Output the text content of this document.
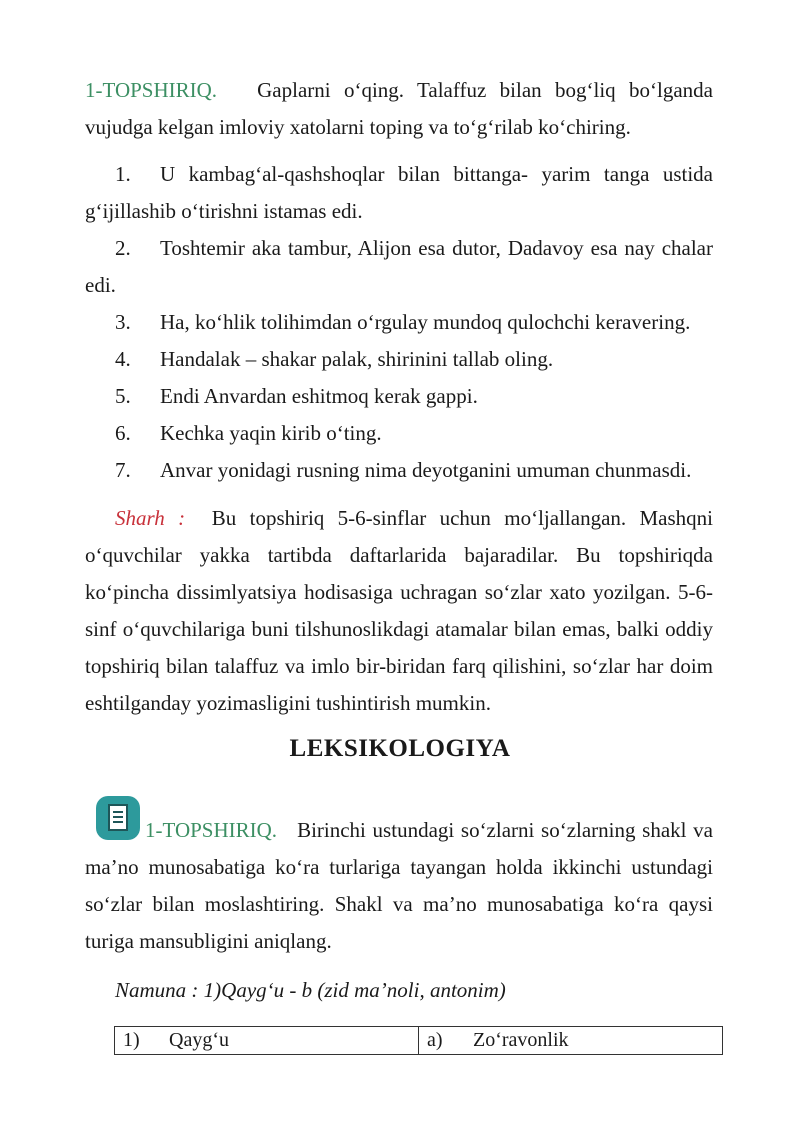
1-TOPSHIRIQ. Gaplarni o‘qing. Talaffuz bilan bog‘liq bo‘lganda vujudga kelgan imloviy xatolarni toping va to‘g‘rilab ko‘chiring.

1.	U kambag‘al-qashshoqlar bilan bittanga- yarim tanga ustida g‘ijillashib o‘tirishni istamas edi.
2.	Toshtemir aka tambur, Alijon esa dutor, Dadavoy esa nay chalar edi.
3.	Ha, ko‘hlik tolihimdan o‘rgulay mundoq qulochchi keravering.
4.	Handalak – shakar palak, shirinini tallab oling.
5.	Endi Anvardan eshitmoq kerak gappi.
6.	Kechka yaqin kirib o‘ting.
7.	Anvar yonidagi rusning nima deyotganini umuman chunmasdi.

Sharh : Bu topshiriq 5-6-sinflar uchun mo‘ljallangan. Mashqni o‘quvchilar yakka tartibda daftarlarida bajaradilar. Bu topshiriqda ko‘pincha dissimlyatsiya hodisasiga uchragan so‘zlar xato yozilgan. 5-6-sinf o‘quvchilariga buni tilshunoslikdagi atamalar bilan emas, balki oddiy topshiriq bilan talaffuz va imlo bir-biridan farq qilishini, so‘zlar har doim eshtilganday yozimasligini tushintirish mumkin.

LEKSIKOLOGIYA

1-TOPSHIRIQ. Birinchi ustundagi so‘zlarni so‘zlarning shakl va ma’no munosabatiga ko‘ra turlariga tayangan holda ikkinchi ustundagi so‘zlar bilan moslashtiring. Shakl va ma’no munosabatiga ko‘ra qaysi turiga mansubligini aniqlang.

Namuna : 1)Qayg‘u - b (zid ma’noli, antonim)
1) Qayg‘u	a) Zo‘ravonlik
